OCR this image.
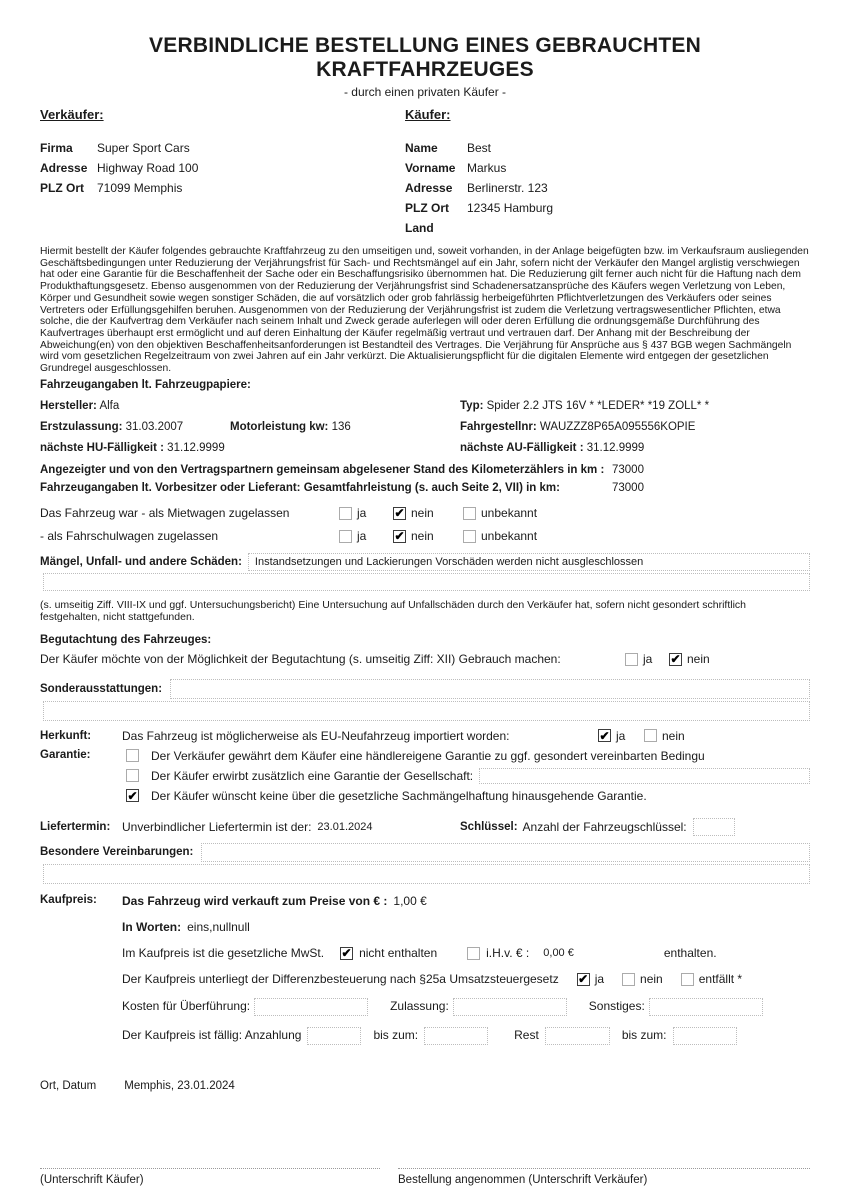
VERBINDLICHE BESTELLUNG EINES GEBRAUCHTEN KRAFTFAHRZEUGES
- durch einen privaten Käufer -
Verkäufer:
Firma	Super Sport Cars
Adresse Highway Road 100
PLZ Ort	71099 Memphis
Käufer:
Name	Best
Vorname Markus
Adresse	Berlinerstr. 123
PLZ Ort	12345 Hamburg
Land
Hiermit bestellt der Käufer folgendes gebrauchte Kraftfahrzeug zu den umseitigen und, soweit vorhanden, in der Anlage beigefügten bzw. im Verkaufsraum ausliegenden Geschäftsbedingungen unter Reduzierung der Verjährungsfrist für Sach- und Rechtsmängel auf ein Jahr, sofern nicht der Verkäufer den Mangel arglistig verschwiegen hat oder eine Garantie für die Beschaffenheit der Sache oder ein Beschaffungsrisiko übernommen hat. Die Reduzierung gilt ferner auch nicht für die Haftung nach dem Produkthaftungsgesetz. Ebenso ausgenommen von der Reduzierung der Verjährungsfrist sind Schadenersatzansprüche des Käufers wegen Verletzung von Leben, Körper und Gesundheit sowie wegen sonstiger Schäden, die auf vorsätzlich oder grob fahrlässig herbeigeführten Pflichtverletzungen des Verkäufers oder seines Vertreters oder Erfüllungsgehilfen beruhen. Ausgenommen von der Reduzierung der Verjährungsfrist ist zudem die Verletzung vertragswesentlicher Pflichten, etwa solche, die der Kaufvertrag dem Verkäufer nach seinem Inhalt und Zweck gerade auferlegen will oder deren Erfüllung die ordnungsgemäße Durchführung des Kaufvertrages überhaupt erst ermöglicht und auf deren Einhaltung der Käufer regelmäßig vertraut und vertrauen darf. Der Anhang mit der Beschreibung der Abweichung(en) von den objektiven Beschaffenheitsanforderungen ist Bestandteil des Vertrages. Die Verjährung für Ansprüche aus § 437 BGB wegen Sachmängeln wird vom gesetzlichen Regelzeitraum von zwei Jahren auf ein Jahr verkürzt. Die Aktualisierungspflicht für die digitalen Elemente wird entgegen der gesetzlichen Grundregel ausgeschlossen.
Fahrzeugangaben lt. Fahrzeugpapiere:
Hersteller: Alfa	Typ: Spider 2.2 JTS 16V * *LEDER* *19 ZOLL* *
Erstzulassung: 31.03.2007	Motorleistung kw: 136	Fahrgestellnr: WAUZZZ8P65A095556KOPIE
nächste HU-Fälligkeit : 31.12.9999	nächste AU-Fälligkeit : 31.12.9999
Angezeigter und von den Vertragspartnern gemeinsam abgelesener Stand des Kilometerzählers in km : 73000
Fahrzeugangaben lt. Vorbesitzer oder Lieferant: Gesamtfahrleistung (s. auch Seite 2, VII) in km:	73000
Das Fahrzeug war - als Mietwagen zugelassen	ja ✔ nein	unbekannt
- als Fahrschulwagen zugelassen	ja ✔ nein	unbekannt
Mängel, Unfall- und andere Schäden:	Instandsetzungen und Lackierungen Vorschäden werden nicht ausgleschlossen
(s. umseitig Ziff. VIII-IX und ggf. Untersuchungsbericht) Eine Untersuchung auf Unfallschäden durch den Verkäufer hat, sofern nicht gesondert schriftlich festgehalten, nicht stattgefunden.
Begutachtung des Fahrzeuges:
Der Käufer möchte von der Möglichkeit der Begutachtung (s. umseitig Ziff: XII) Gebrauch machen:	ja ✔ nein
Sonderausstattungen:
Herkunft:	Das Fahrzeug ist möglicherweise als EU-Neufahrzeug importiert worden:	✔ ja	nein
Garantie:	Der Verkäufer gewährt dem Käufer eine händlereigene Garantie zu ggf. gesondert vereinbarten Bedingu
Der Käufer erwirbt zusätzlich eine Garantie der Gesellschaft:
✔ Der Käufer wünscht keine über die gesetzliche Sachmängelhaftung hinausgehende Garantie.
Liefertermin: Unverbindlicher Liefertermin ist der: 23.01.2024	Schlüssel: Anzahl der Fahrzeugschlüssel:
Besondere Vereinbarungen:
Kaufpreis:	Das Fahrzeug wird verkauft zum Preise von € : 1,00 €
In Worten: eins,nullnull
Im Kaufpreis ist die gesetzliche MwSt. ✔ nicht enthalten	i.H.v. € : 0,00 €	enthalten.
Der Kaufpreis unterliegt der Differenzbesteuerung nach §25a Umsatzsteuergesetz ✔ ja	nein	entfällt *
Kosten für Überführung:	Zulassung:	Sonstiges:
Der Kaufpreis ist fällig: Anzahlung	bis zum:	Rest	bis zum:
Ort, Datum Memphis, 23.01.2024
(Unterschrift Käufer)	Bestellung angenommen (Unterschrift Verkäufer)
